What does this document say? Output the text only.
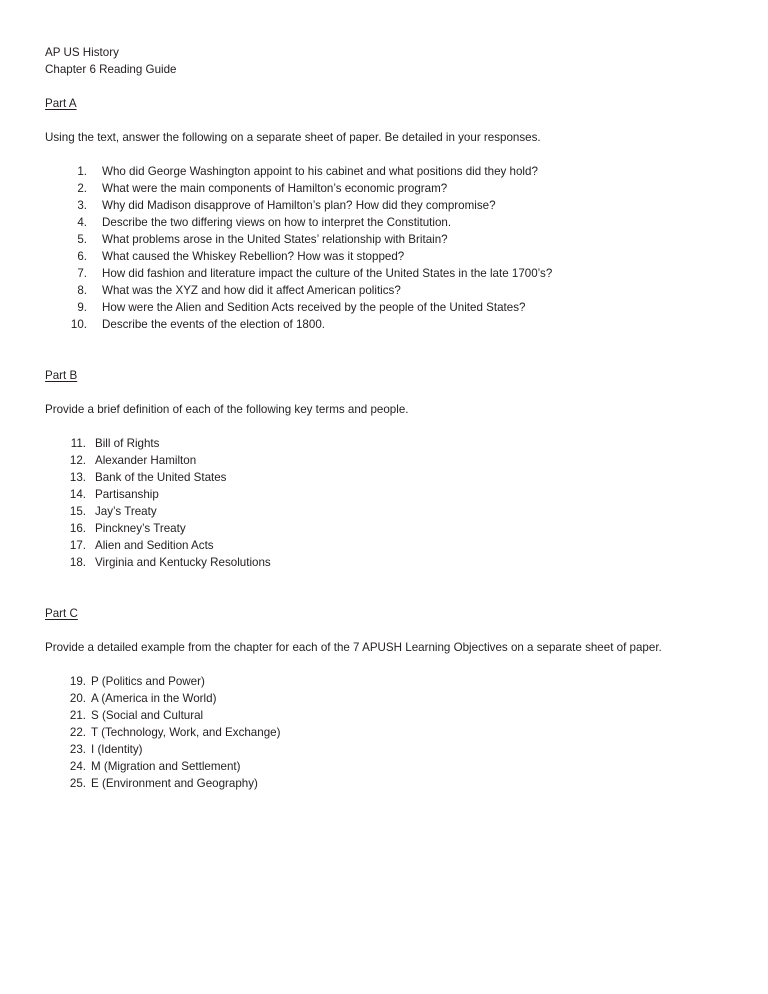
AP US History
Chapter 6 Reading Guide
Part A
Using the text, answer the following on a separate sheet of paper. Be detailed in your responses.
1.	Who did George Washington appoint to his cabinet and what positions did they hold?
2.	What were the main components of Hamilton’s economic program?
3.	Why did Madison disapprove of Hamilton’s plan? How did they compromise?
4.	Describe the two differing views on how to interpret the Constitution.
5.	What problems arose in the United States’ relationship with Britain?
6.	What caused the Whiskey Rebellion? How was it stopped?
7.	How did fashion and literature impact the culture of the United States in the late 1700’s?
8.	What was the XYZ and how did it affect American politics?
9.	How were the Alien and Sedition Acts received by the people of the United States?
10.	Describe the events of the election of 1800.
Part B
Provide a brief definition of each of the following key terms and people.
11. Bill of Rights
12. Alexander Hamilton
13. Bank of the United States
14. Partisanship
15. Jay’s Treaty
16. Pinckney’s Treaty
17. Alien and Sedition Acts
18. Virginia and Kentucky Resolutions
Part C
Provide a detailed example from the chapter for each of the 7 APUSH Learning Objectives on a separate sheet of paper.
19. P (Politics and Power)
20. A (America in the World)
21. S (Social and Cultural
22. T (Technology, Work, and Exchange)
23. I (Identity)
24. M (Migration and Settlement)
25. E (Environment and Geography)
